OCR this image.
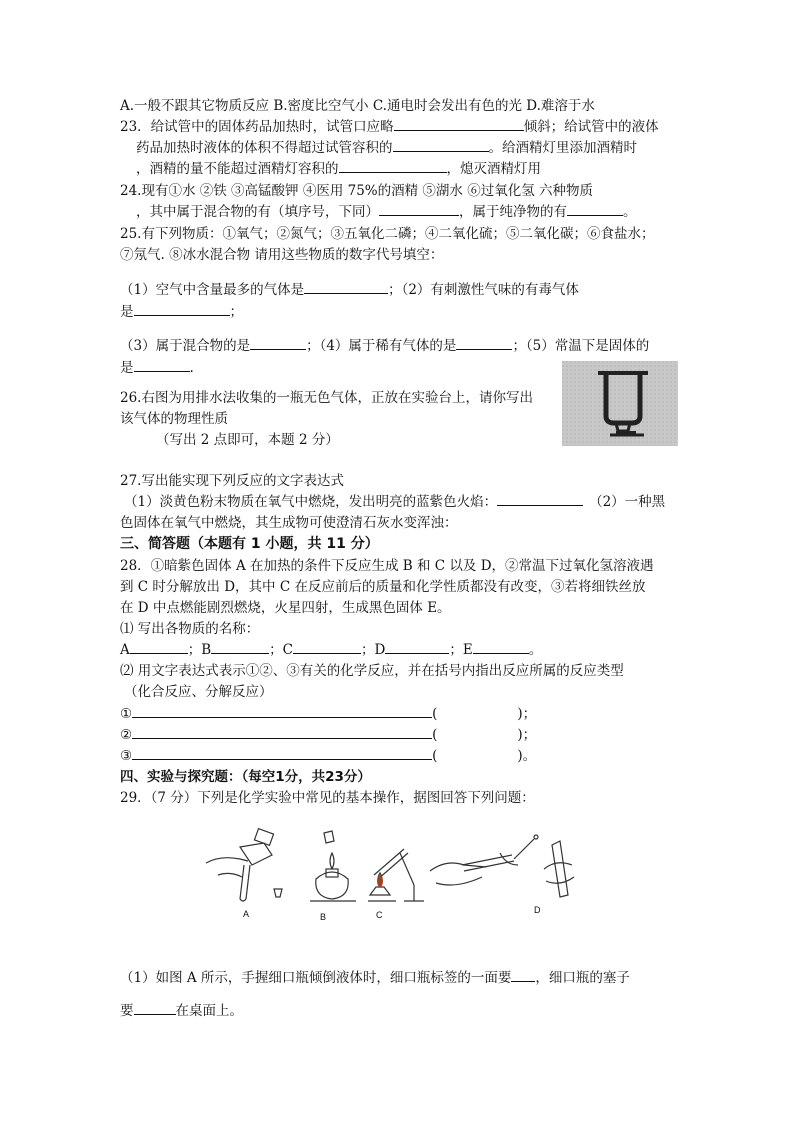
A.一般不跟其它物质反应 B.密度比空气小 C.通电时会发出有色的光 D.难溶于水
23．给试管中的固体药品加热时，试管口应略	倾斜；给试管中的液体
药品加热时液体的体积不得超过试管容积的	。给酒精灯里添加酒精时
，酒精的量不能超过酒精灯容积的	，熄灭酒精灯用
24.现有①水 ②铁 ③高锰酸钾 ④医用 75%的酒精 ⑤湖水 ⑥过氧化氢 六种物质
，其中属于混合物的有（填序号，下同）	，属于纯净物的有	。
25.有下列物质：①氧气；②氮气；③五氧化二磷；④二氧化硫；⑤二氧化碳；⑥食盐水；
⑦氖气. ⑧冰水混合物 请用这些物质的数字代号填空：
（1）空气中含量最多的气体是	；（2）有刺激性气味的有毒气体
是	；
（3）属于混合物的是	；（4）属于稀有气体的是	；（5）常温下是固体的
是	.
26.右图为用排水法收集的一瓶无色气体，正放在实验台上，请你写出
该气体的物理性质
（写出 2 点即可，本题 2 分）
27.写出能实现下列反应的文字表达式
（1）淡黄色粉末物质在氧气中燃烧，发出明亮的蓝紫色火焰：	（2）一种黑
色固体在氧气中燃烧，其生成物可使澄清石灰水变浑浊：
三、简答题（本题有 1 小题，共 11 分）
28．①暗紫色固体 A 在加热的条件下反应生成 B 和 C 以及 D，②常温下过氧化氢溶液遇
到 C 时分解放出 D，其中 C 在反应前后的质量和化学性质都没有改变，③若将细铁丝放
在 D 中点燃能剧烈燃烧，火星四射，生成黑色固体 E。
⑴ 写出各物质的名称：
A	；B	；C	；D	；E	。
⑵ 用文字表达式表示①②、③有关的化学反应，并在括号内指出反应所属的反应类型
（化合反应、分解反应）
①	(	)；
②	(	)；
③	(	)。
四、实验与探究题：（每空1分，共23分）
29．（7 分）下列是化学实验中常见的基本操作，据图回答下列问题：
A	B	C	D
（1）如图 A 所示，手握细口瓶倾倒液体时，细口瓶标签的一面要 ，细口瓶的塞子
要	在桌面上。
